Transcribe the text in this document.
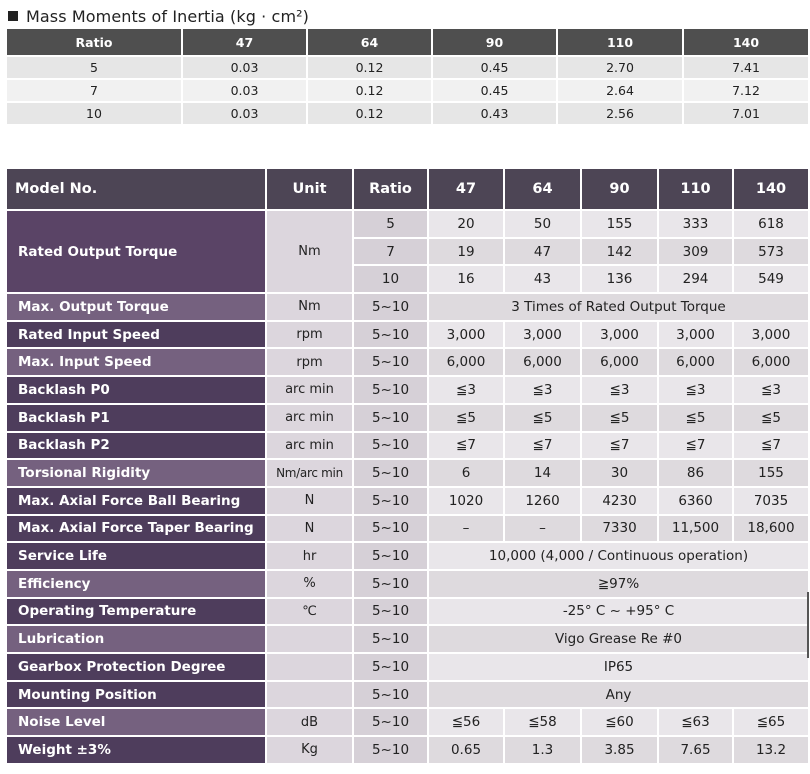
Mass Moments of Inertia (kg · cm²)
Ratio	47	64	90	110	140
5	0.03	0.12	0.45	2.70	7.41
7	0.03	0.12	0.45	2.64	7.12
10	0.03	0.12	0.43	2.56	7.01
Model No.	Unit	Ratio	47	64	90	110	140
Rated Output Torque	Nm	5	20	50	155	333	618
		7	19	47	142	309	573
		10	16	43	136	294	549
Max. Output Torque	Nm	5~10	3 Times of Rated Output Torque				
Rated Input Speed	rpm	5~10	3,000	3,000	3,000	3,000	3,000
Max. Input Speed	rpm	5~10	6,000	6,000	6,000	6,000	6,000
Backlash P0	arc min	5~10	≦3	≦3	≦3	≦3	≦3
Backlash P1	arc min	5~10	≦5	≦5	≦5	≦5	≦5
Backlash P2	arc min	5~10	≦7	≦7	≦7	≦7	≦7
Torsional Rigidity	Nm/arc min	5~10	6	14	30	86	155
Max. Axial Force Ball Bearing	N	5~10	1020	1260	4230	6360	7035
Max. Axial Force Taper Bearing	N	5~10	–	–	7330	11,500	18,600
Service Life	hr	5~10	10,000 (4,000 / Continuous operation)				
Efficiency	%	5~10	≧97%				
Operating Temperature	℃	5~10	-25° C ~ +95° C				
Lubrication		5~10	Vigo Grease Re #0				
Gearbox Protection Degree		5~10	IP65				
Mounting Position		5~10	Any				
Noise Level	dB	5~10	≦56	≦58	≦60	≦63	≦65
Weight ±3%	Kg	5~10	0.65	1.3	3.85	7.65	13.2
